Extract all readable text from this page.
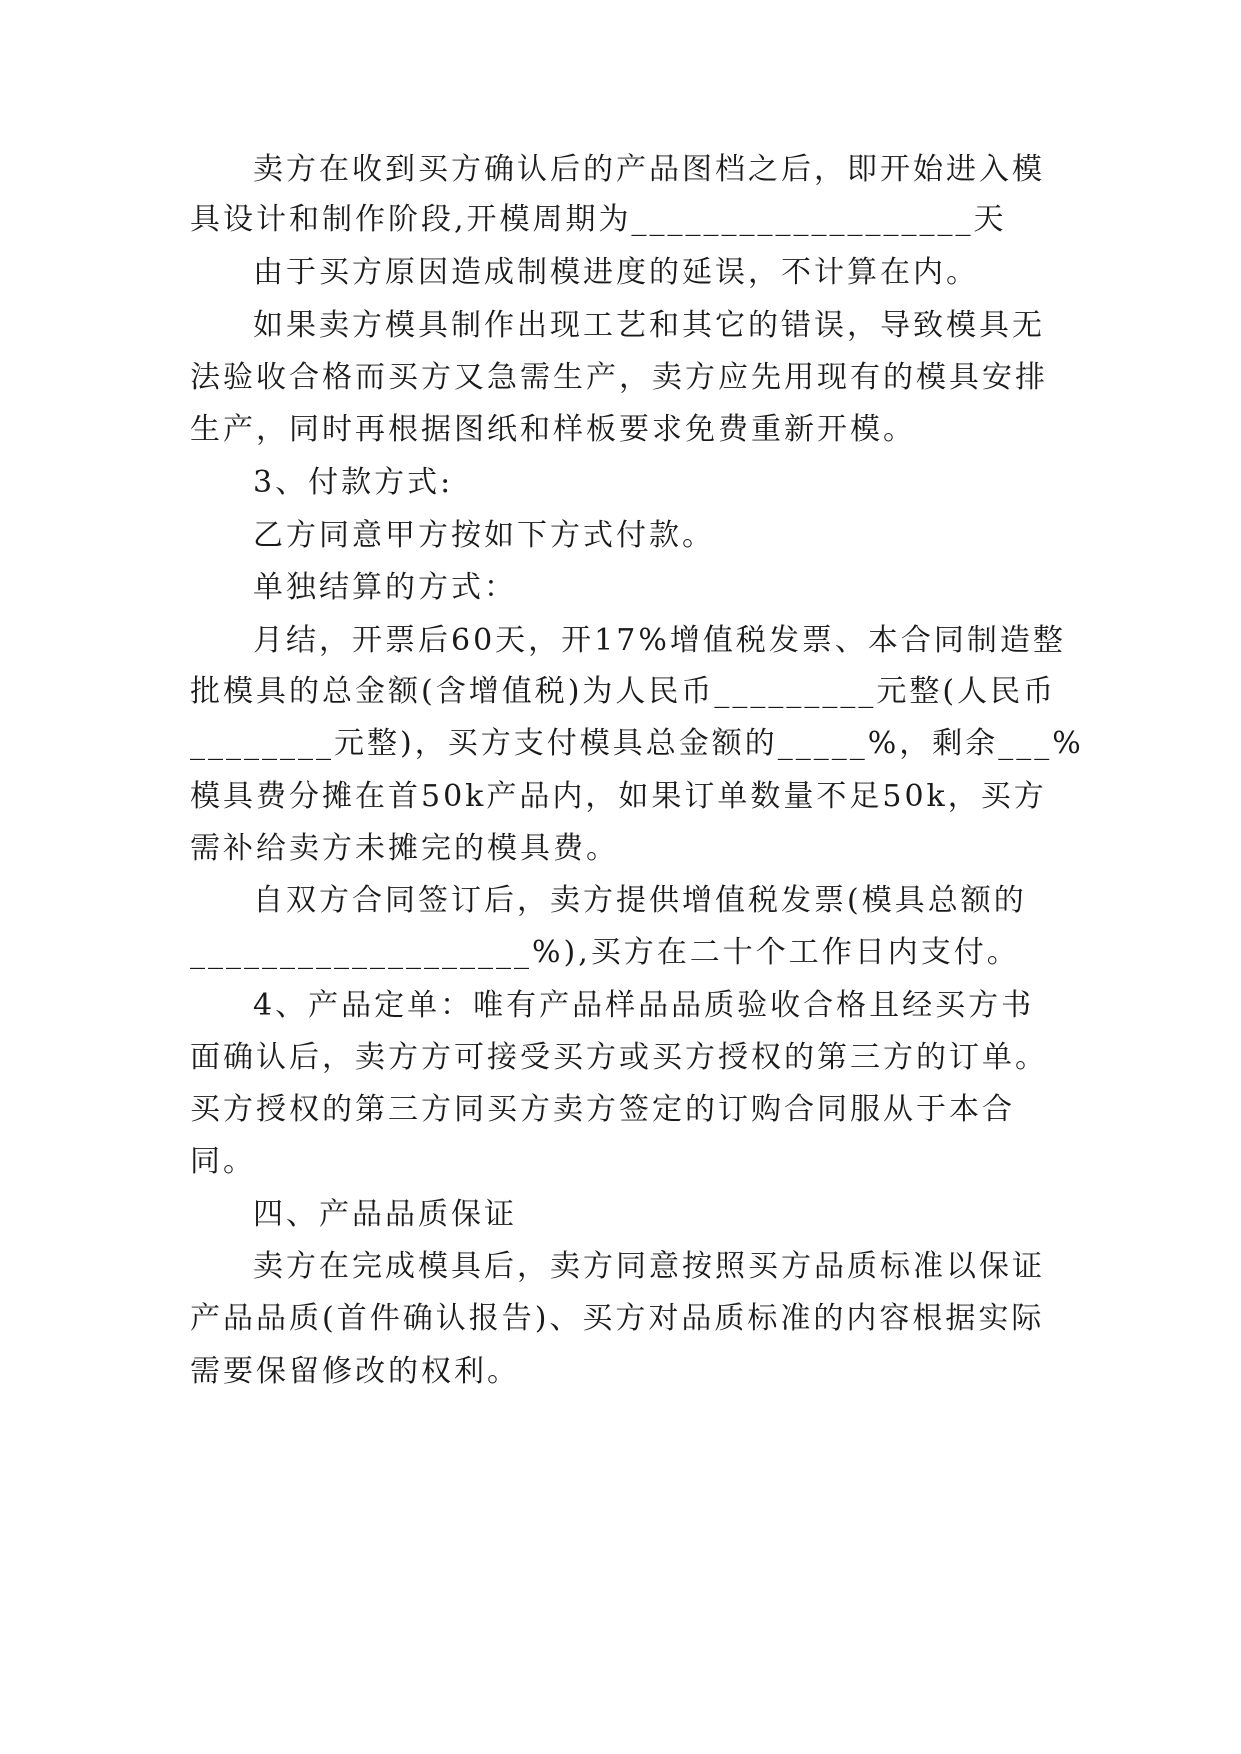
卖方在收到买方确认后的产品图档之后，即开始进入模
具设计和制作阶段,开模周期为___________________天
由于买方原因造成制模进度的延误，不计算在内。
如果卖方模具制作出现工艺和其它的错误，导致模具无
法验收合格而买方又急需生产，卖方应先用现有的模具安排
生产，同时再根据图纸和样板要求免费重新开模。
3、付款方式:
乙方同意甲方按如下方式付款。
单独结算的方式：
月结，开票后60天，开17%增值税发票、本合同制造整
批模具的总金额(含增值税)为人民币_________元整(人民币
________元整)，买方支付模具总金额的_____%，剩余___%
模具费分摊在首50k产品内，如果订单数量不足50k，买方
需补给卖方未摊完的模具费。
自双方合同签订后，卖方提供增值税发票(模具总额的
___________________%),买方在二十个工作日内支付。
4、产品定单：唯有产品样品品质验收合格且经买方书
面确认后，卖方方可接受买方或买方授权的第三方的订单。
买方授权的第三方同买方卖方签定的订购合同服从于本合
同。
四、产品品质保证
卖方在完成模具后，卖方同意按照买方品质标准以保证
产品品质(首件确认报告)、买方对品质标准的内容根据实际
需要保留修改的权利。
